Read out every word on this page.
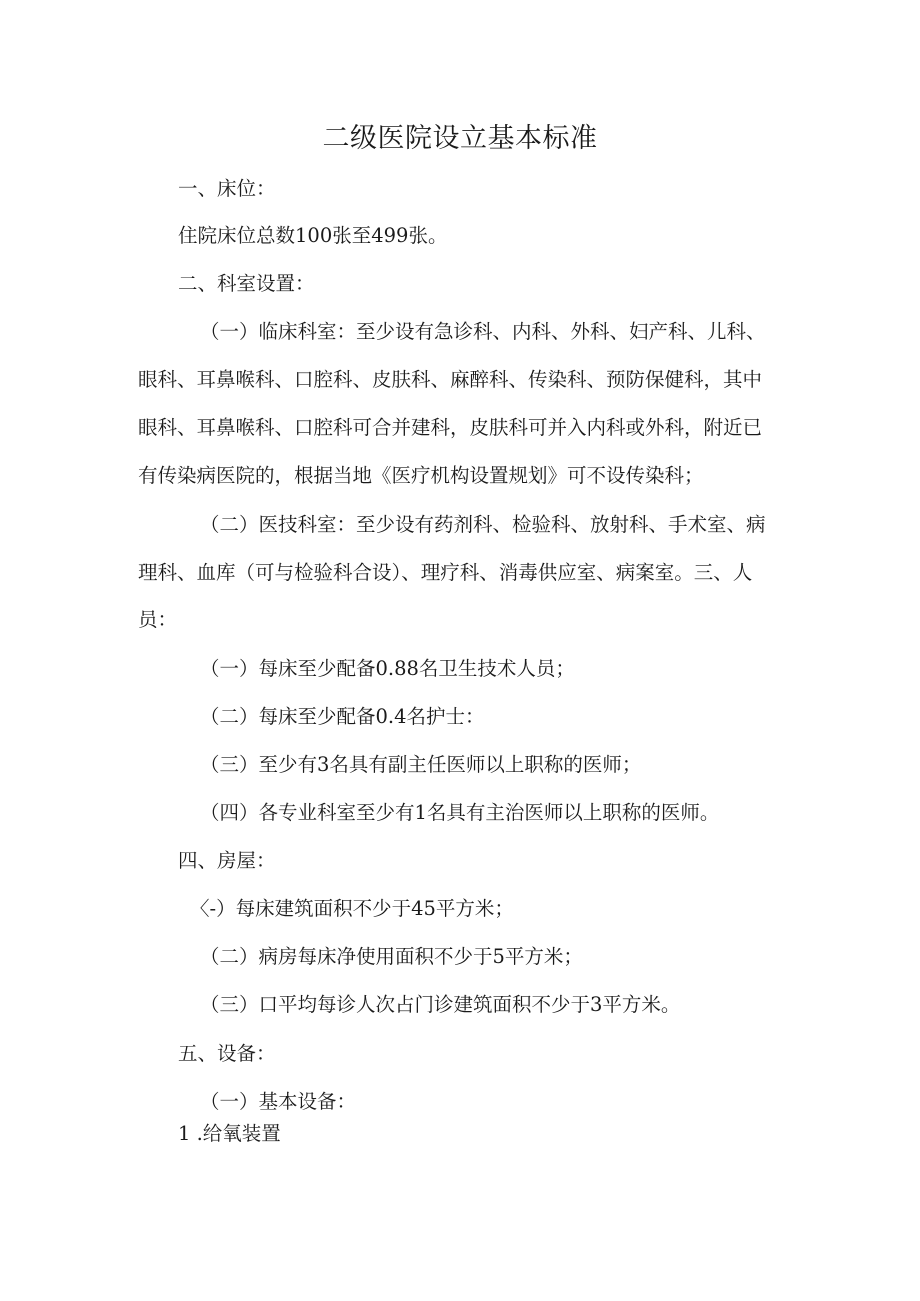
二级医院设立基本标准

一、床位：

住院床位总数100张至499张。

二、科室设置：

（一）临床科室：至少设有急诊科、内科、外科、妇产科、儿科、

眼科、耳鼻喉科、口腔科、皮肤科、麻醉科、传染科、预防保健科，其中

眼科、耳鼻喉科、口腔科可合并建科，皮肤科可并入内科或外科，附近已

有传染病医院的，根据当地《医疗机构设置规划》可不设传染科；

（二）医技科室：至少设有药剂科、检验科、放射科、手术室、病

理科、血库（可与检验科合设）、理疗科、消毒供应室、病案室。三、人

员：

（一）每床至少配备0.88名卫生技术人员；

（二）每床至少配备0.4名护士：

（三）至少有3名具有副主任医师以上职称的医师；

（四）各专业科室至少有1名具有主治医师以上职称的医师。

四、房屋：

〈-）每床建筑面积不少于45平方米；

（二）病房每床净使用面积不少于5平方米；

（三）口平均每诊人次占门诊建筑面积不少于3平方米。

五、设备：

（一）基本设备：

1 .给氧装置
